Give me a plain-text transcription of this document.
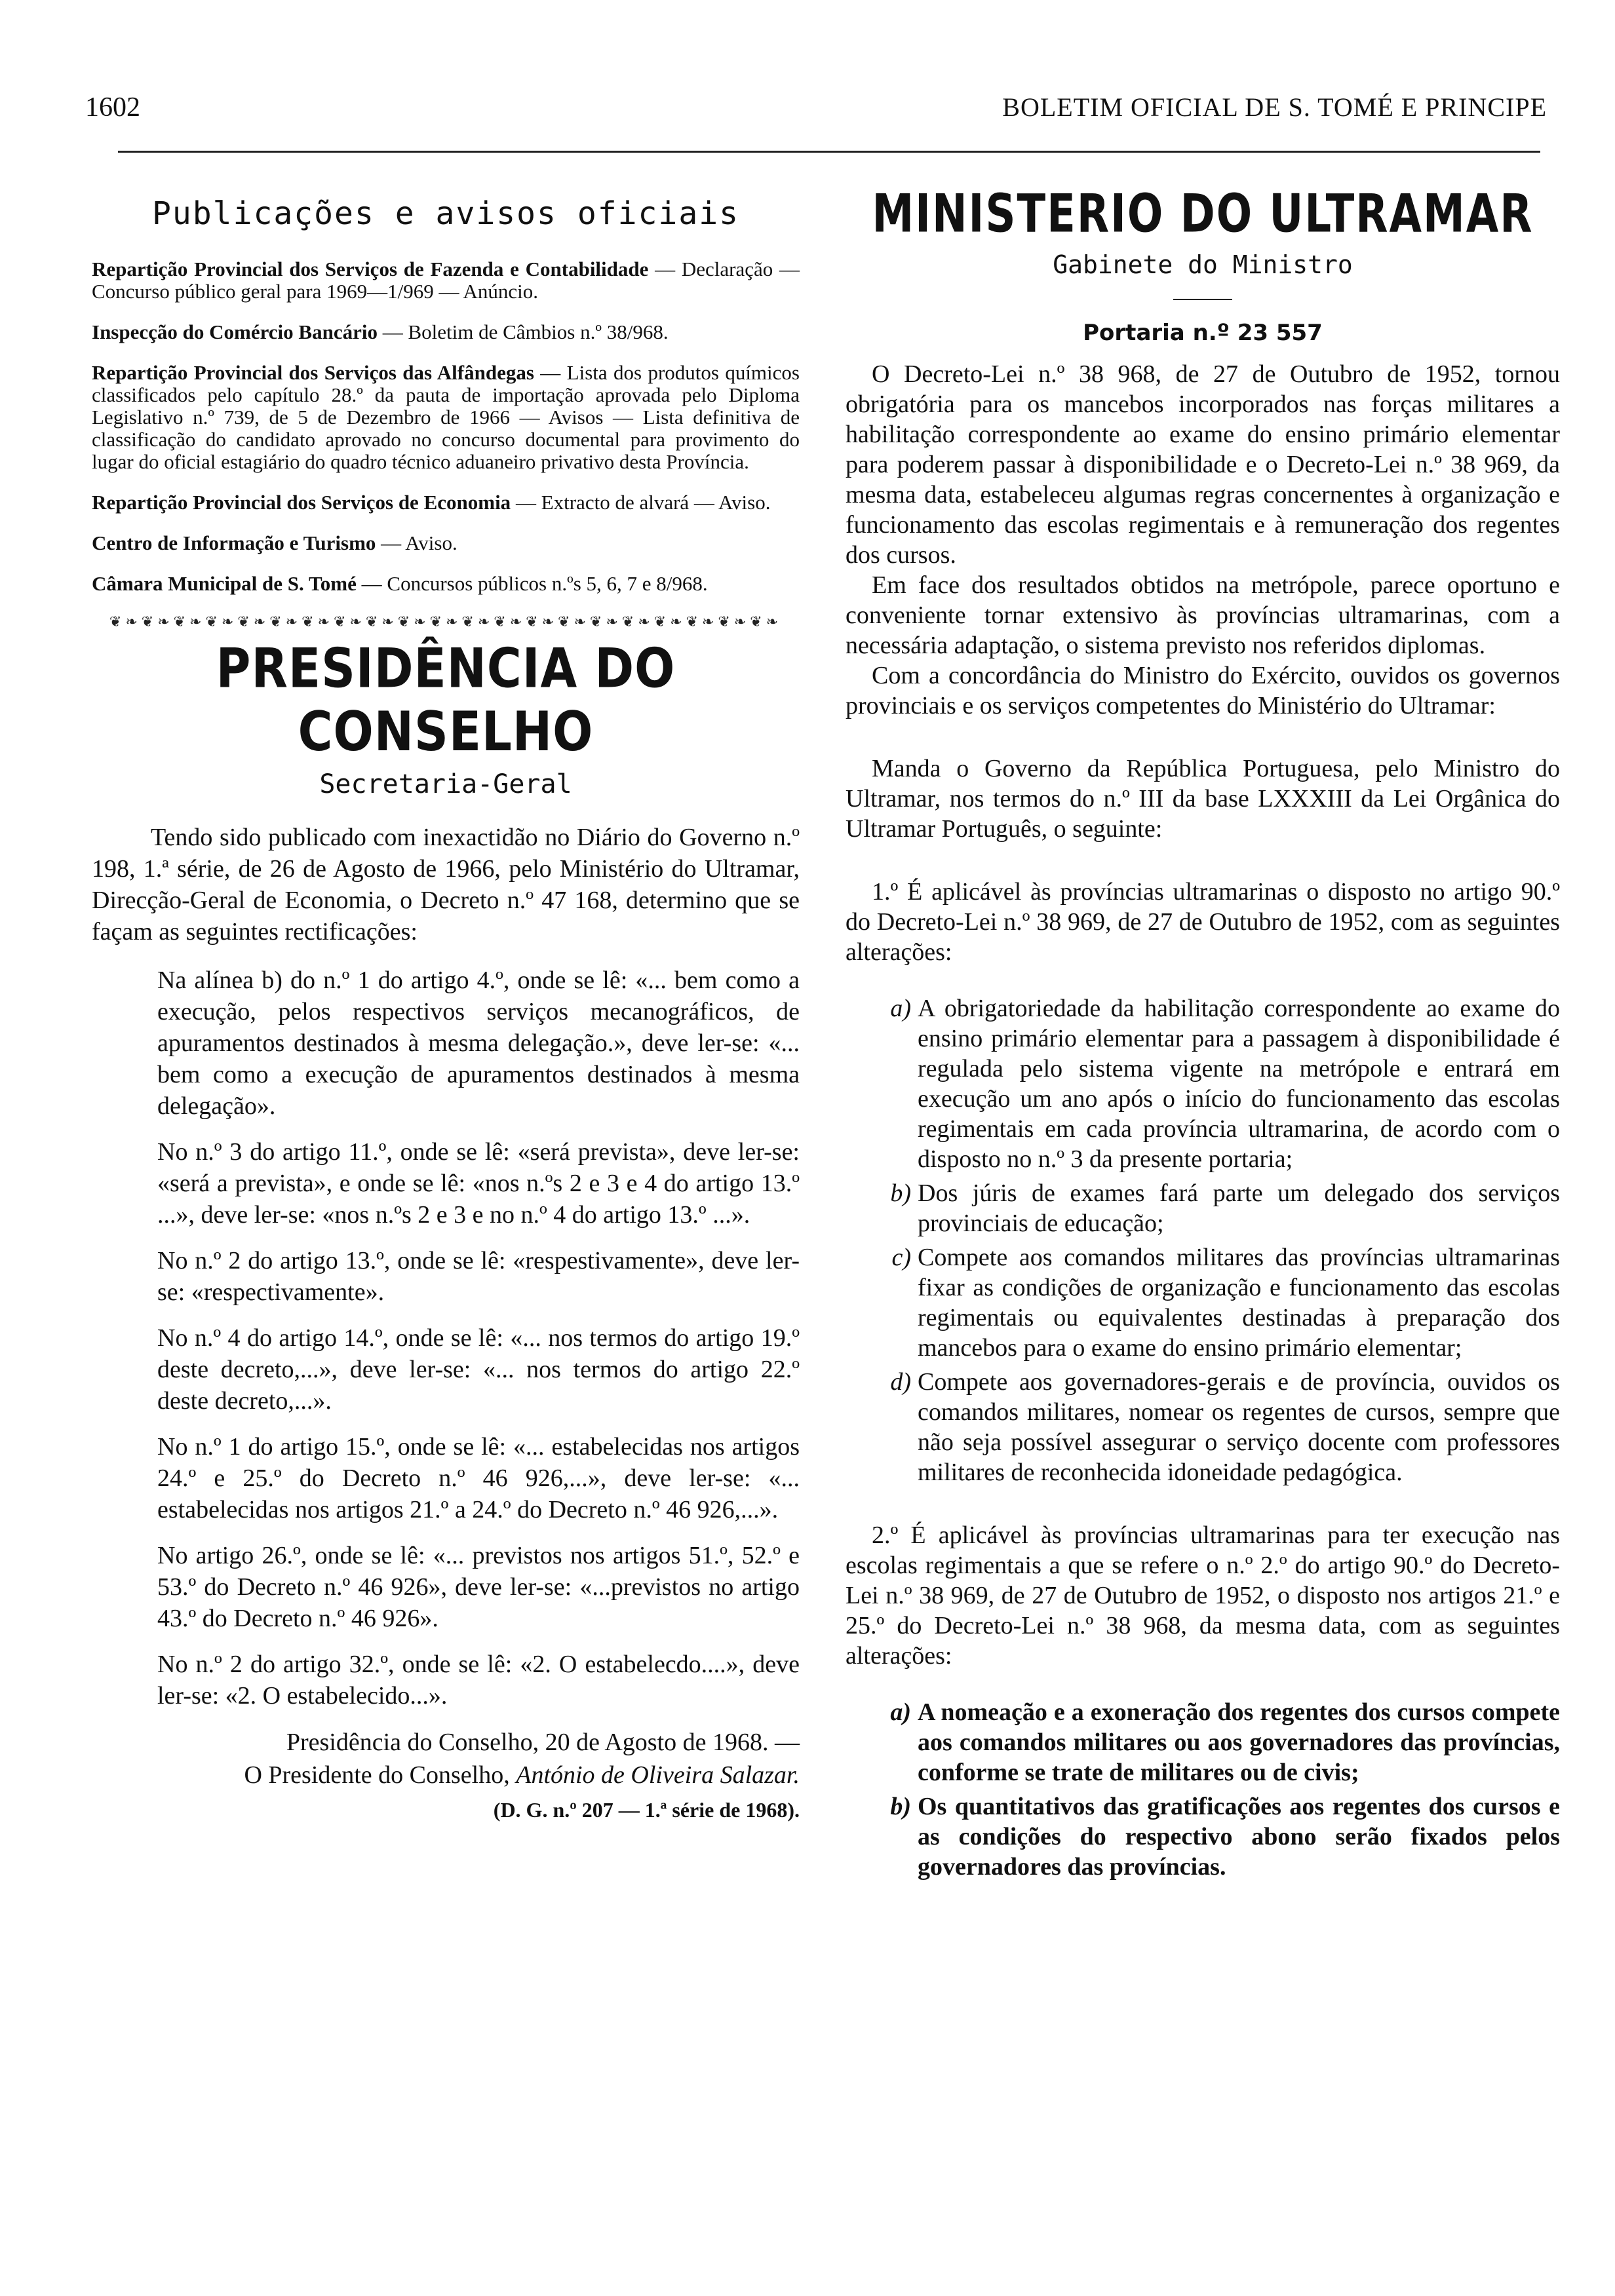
1602	BOLETIM OFICIAL DE S. TOMÉ E PRINCIPE
Publicações e avisos oficiais

Repartição Provincial dos Serviços de Fazenda e Contabilidade — Declaração — Concurso público geral para 1969—1/969 — Anúncio.

Inspecção do Comércio Bancário — Boletim de Câmbios n.º 38/968.

Repartição Provincial dos Serviços das Alfândegas — Lista dos produtos químicos classificados pelo capítulo 28.º da pauta de importação aprovada pelo Diploma Legislativo n.º 739, de 5 de Dezembro de 1966 — Avisos — Lista definitiva de classificação do candidato aprovado no concurso documental para provimento do lugar do oficial estagiário do quadro técnico aduaneiro privativo desta Província.

Repartição Provincial dos Serviços de Economia — Extracto de alvará — Aviso.

Centro de Informação e Turismo — Aviso.

Câmara Municipal de S. Tomé — Concursos públicos n.ºs 5, 6, 7 e 8/968.

❦❧❦❧❦❧❦❧❦❧❦❧❦❧❦❧❦❧❦❧❦❧❦❧❦❧❦❧❦❧❦❧❦❧❦❧❦❧❦❧❦❧
PRESIDÊNCIA DO CONSELHO
Secretaria-Geral

Tendo sido publicado com inexactidão no Diário do Governo n.º 198, 1.ª série, de 26 de Agosto de 1966, pelo Ministério do Ultramar, Direcção-Geral de Economia, o Decreto n.º 47 168, determino que se façam as seguintes rectificações:

Na alínea b) do n.º 1 do artigo 4.º, onde se lê: «... bem como a execução, pelos respectivos serviços mecanográficos, de apuramentos destinados à mesma delegação.», deve ler-se: «... bem como a execução de apuramentos destinados à mesma delegação».

No n.º 3 do artigo 11.º, onde se lê: «será prevista», deve ler-se: «será a prevista», e onde se lê: «nos n.ºs 2 e 3 e 4 do artigo 13.º ...», deve ler-se: «nos n.ºs 2 e 3 e no n.º 4 do artigo 13.º ...».

No n.º 2 do artigo 13.º, onde se lê: «respestivamente», deve ler-se: «respectivamente».

No n.º 4 do artigo 14.º, onde se lê: «... nos termos do artigo 19.º deste decreto,...», deve ler-se: «... nos termos do artigo 22.º deste decreto,...».

No n.º 1 do artigo 15.º, onde se lê: «... estabelecidas nos artigos 24.º e 25.º do Decreto n.º 46 926,...», deve ler-se: «... estabelecidas nos artigos 21.º a 24.º do Decreto n.º 46 926,...».

No artigo 26.º, onde se lê: «... previstos nos artigos 51.º, 52.º e 53.º do Decreto n.º 46 926», deve ler-se: «...previstos no artigo 43.º do Decreto n.º 46 926».

No n.º 2 do artigo 32.º, onde se lê: «2. O estabelecdo....», deve ler-se: «2. O estabelecido...».

Presidência do Conselho, 20 de Agosto de 1968. —
O Presidente do Conselho, António de Oliveira Salazar.
(D. G. n.º 207 — 1.ª série de 1968).
MINISTERIO DO ULTRAMAR
Gabinete do Ministro
Portaria n.º 23 557

O Decreto-Lei n.º 38 968, de 27 de Outubro de 1952, tornou obrigatória para os mancebos incorporados nas forças militares a habilitação correspondente ao exame do ensino primário elementar para poderem passar à disponibilidade e o Decreto-Lei n.º 38 969, da mesma data, estabeleceu algumas regras concernentes à organização e funcionamento das escolas regimentais e à remuneração dos regentes dos cursos.

Em face dos resultados obtidos na metrópole, parece oportuno e conveniente tornar extensivo às províncias ultramarinas, com a necessária adaptação, o sistema previsto nos referidos diplomas.

Com a concordância do Ministro do Exército, ouvidos os governos provinciais e os serviços competentes do Ministério do Ultramar:

Manda o Governo da República Portuguesa, pelo Ministro do Ultramar, nos termos do n.º III da base LXXXIII da Lei Orgânica do Ultramar Português, o seguinte:

1.º É aplicável às províncias ultramarinas o disposto no artigo 90.º do Decreto-Lei n.º 38 969, de 27 de Outubro de 1952, com as seguintes alterações:

a) A obrigatoriedade da habilitação correspondente ao exame do ensino primário elementar para a passagem à disponibilidade é regulada pelo sistema vigente na metrópole e entrará em execução um ano após o início do funcionamento das escolas regimentais em cada província ultramarina, de acordo com o disposto no n.º 3 da presente portaria;
b) Dos júris de exames fará parte um delegado dos serviços provinciais de educação;
c) Compete aos comandos militares das províncias ultramarinas fixar as condições de organização e funcionamento das escolas regimentais ou equivalentes destinadas à preparação dos mancebos para o exame do ensino primário elementar;
d) Compete aos governadores-gerais e de província, ouvidos os comandos militares, nomear os regentes de cursos, sempre que não seja possível assegurar o serviço docente com professores militares de reconhecida idoneidade pedagógica.

2.º É aplicável às províncias ultramarinas para ter execução nas escolas regimentais a que se refere o n.º 2.º do artigo 90.º do Decreto-Lei n.º 38 969, de 27 de Outubro de 1952, o disposto nos artigos 21.º e 25.º do Decreto-Lei n.º 38 968, da mesma data, com as seguintes alterações:

a) A nomeação e a exoneração dos regentes dos cursos compete aos comandos militares ou aos governadores das províncias, conforme se trate de militares ou de civis;
b) Os quantitativos das gratificações aos regentes dos cursos e as condições do respectivo abono serão fixados pelos governadores das províncias.
